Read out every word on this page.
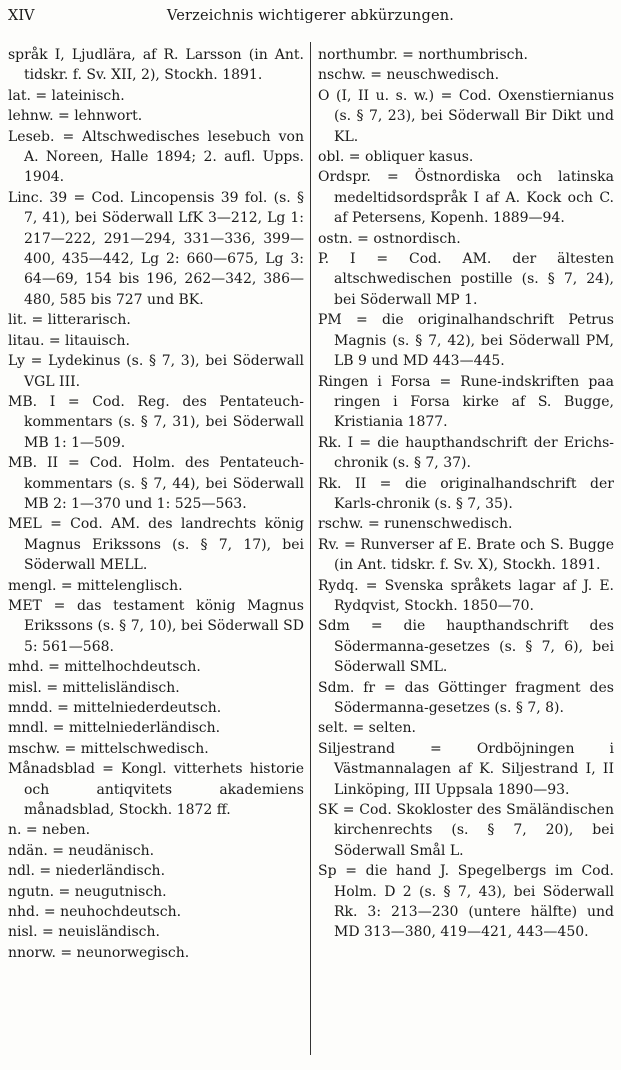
XIV	Verzeichnis wichtigerer abkürzungen.

språk I, Ljudlära, af R. Larsson (in Ant. tidskr. f. Sv. XII, 2), Stockh. 1891.

lat. = lateinisch.

lehnw. = lehnwort.

Leseb. = Altschwedisches lesebuch von A. Noreen, Halle 1894; 2. aufl. Upps. 1904.

Linc. 39 = Cod. Lincopensis 39 fol. (s. § 7, 41), bei Söderwall LfK 3—212, Lg 1: 217—222, 291—294, 331—336, 399—400, 435—442, Lg 2: 660—675, Lg 3: 64—69, 154 bis 196, 262—342, 386—480, 585 bis 727 und BK.

lit. = litterarisch.

litau. = litauisch.

Ly = Lydekinus (s. § 7, 3), bei Söderwall VGL III.

MB. I = Cod. Reg. des Pentateuch-kommentars (s. § 7, 31), bei Söderwall MB 1: 1—509.

MB. II = Cod. Holm. des Pentateuch-kommentars (s. § 7, 44), bei Söderwall MB 2: 1—370 und 1: 525—563.

MEL = Cod. AM. des landrechts könig Magnus Erikssons (s. § 7, 17), bei Söderwall MELL.

mengl. = mittelenglisch.

MET = das testament könig Magnus Erikssons (s. § 7, 10), bei Söderwall SD 5: 561—568.

mhd. = mittelhochdeutsch.

misl. = mittelisländisch.

mndd. = mittelniederdeutsch.

mndl. = mittelniederländisch.

mschw. = mittelschwedisch.

Månadsblad = Kongl. vitterhets historie och antiqvitets akademiens månadsblad, Stockh. 1872 ff.

n. = neben.

ndän. = neudänisch.

ndl. = niederländisch.

ngutn. = neugutnisch.

nhd. = neuhochdeutsch.

nisl. = neuisländisch.

nnorw. = neunorwegisch.

northumbr. = northumbrisch.

nschw. = neuschwedisch.

O (I, II u. s. w.) = Cod. Oxenstiernianus (s. § 7, 23), bei Söderwall Bir Dikt und KL.

obl. = obliquer kasus.

Ordspr. = Östnordiska och latinska medeltidsordspråk I af A. Kock och C. af Petersens, Kopenh. 1889—94.

ostn. = ostnordisch.

P. I = Cod. AM. der ältesten altschwedischen postille (s. § 7, 24), bei Söderwall MP 1.

PM = die originalhandschrift Petrus Magnis (s. § 7, 42), bei Söderwall PM, LB 9 und MD 443—445.

Ringen i Forsa = Rune-indskriften paa ringen i Forsa kirke af S. Bugge, Kristiania 1877.

Rk. I = die haupthandschrift der Erichs-chronik (s. § 7, 37).

Rk. II = die originalhandschrift der Karls-chronik (s. § 7, 35).

rschw. = runenschwedisch.

Rv. = Runverser af E. Brate och S. Bugge (in Ant. tidskr. f. Sv. X), Stockh. 1891.

Rydq. = Svenska språkets lagar af J. E. Rydqvist, Stockh. 1850—70.

Sdm = die haupthandschrift des Södermanna-gesetzes (s. § 7, 6), bei Söderwall SML.

Sdm. fr = das Göttinger fragment des Södermanna-gesetzes (s. § 7, 8).

selt. = selten.

Siljestrand = Ordböjningen i Västmannalagen af K. Siljestrand I, II Linköping, III Uppsala 1890—93.

SK = Cod. Skokloster des Smäländischen kirchenrechts (s. § 7, 20), bei Söderwall Smål L.

Sp = die hand J. Spegelbergs im Cod. Holm. D 2 (s. § 7, 43), bei Söderwall Rk. 3: 213—230 (untere hälfte) und MD 313—380, 419—421, 443—450.
